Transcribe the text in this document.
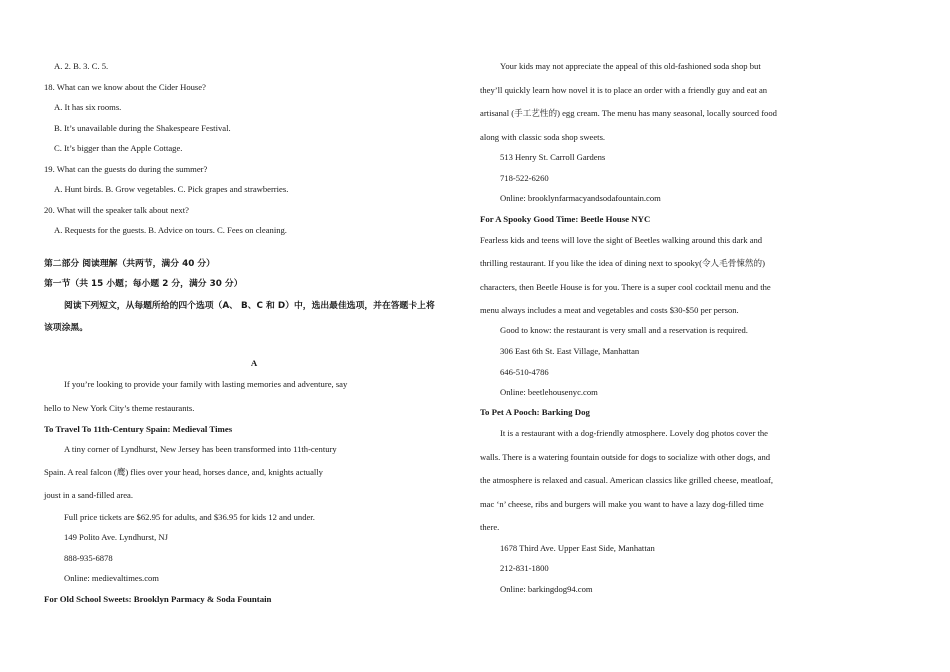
A. 2. B. 3. C. 5.
18. What can we know about the Cider House?
A. It has six rooms.
B. It’s unavailable during the Shakespeare Festival.
C. It’s bigger than the Apple Cottage.
19. What can the guests do during the summer?
A. Hunt birds. B. Grow vegetables. C. Pick grapes and strawberries.
20. What will the speaker talk about next?
A. Requests for the guests. B. Advice on tours. C. Fees on cleaning.
第二部分 阅读理解（共两节，满分 40 分）
第一节（共 15 小题；每小题 2 分，满分 30 分）
阅读下列短文，从每题所给的四个选项（A、 B、C 和 D）中，选出最佳选项，并在答题卡上将
该项涂黑。
A
If you’re looking to provide your family with lasting memories and adventure, say
hello to New York City’s theme restaurants.
To Travel To 11th-Century Spain: Medieval Times
A tiny corner of Lyndhurst, New Jersey has been transformed into 11th-century
Spain. A real falcon (鹰) flies over your head, horses dance, and, knights actually
joust in a sand-filled area.
Full price tickets are $62.95 for adults, and $36.95 for kids 12 and under.
149 Polito Ave. Lyndhurst, NJ
888-935-6878
Online: medievaltimes.com
For Old School Sweets: Brooklyn Parmacy & Soda Fountain
Your kids may not appreciate the appeal of this old-fashioned soda shop but
they’ll quickly learn how novel it is to place an order with a friendly guy and eat an
artisanal (手工艺性的) egg cream. The menu has many seasonal, locally sourced food
along with classic soda shop sweets.
513 Henry St. Carroll Gardens
718-522-6260
Online: brooklynfarmacyandsodafountain.com
For A Spooky Good Time: Beetle House NYC
Fearless kids and teens will love the sight of Beetles walking around this dark and
thrilling restaurant. If you like the idea of dining next to spooky(令人毛骨悚然的)
characters, then Beetle House is for you. There is a super cool cocktail menu and the
menu always includes a meat and vegetables and costs $30-$50 per person.
Good to know: the restaurant is very small and a reservation is required.
306 East 6th St. East Village, Manhattan
646-510-4786
Online: beetlehousenyc.com
To Pet A Pooch: Barking Dog
It is a restaurant with a dog-friendly atmosphere. Lovely dog photos cover the
walls. There is a watering fountain outside for dogs to socialize with other dogs, and
the atmosphere is relaxed and casual. American classics like grilled cheese, meatloaf,
mac ‘n’ cheese, ribs and burgers will make you want to have a lazy dog-filled time
there.
1678 Third Ave. Upper East Side, Manhattan
212-831-1800
Online: barkingdog94.com
